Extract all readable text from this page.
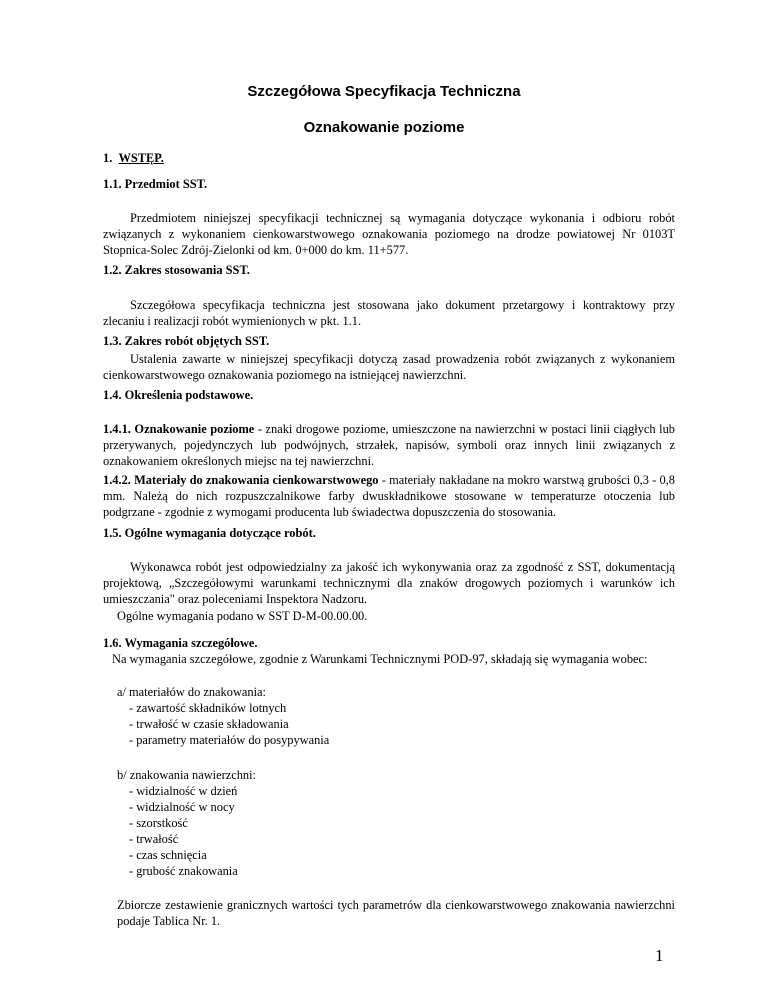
Szczegółowa Specyfikacja Techniczna
Oznakowanie poziome

1. WSTĘP.

1.1. Przedmiot SST.

Przedmiotem niniejszej specyfikacji technicznej są wymagania dotyczące wykonania i odbioru robót związanych z wykonaniem cienkowarstwowego oznakowania poziomego na drodze powiatowej Nr 0103T Stopnica-Solec Zdrój-Zielonki od km. 0+000 do km. 11+577.

1.2. Zakres stosowania SST.

Szczegółowa specyfikacja techniczna jest stosowana jako dokument przetargowy i kontraktowy przy zlecaniu i realizacji robót wymienionych w pkt. 1.1.

1.3. Zakres robót objętych SST.

Ustalenia zawarte w niniejszej specyfikacji dotyczą zasad prowadzenia robót związanych z wykonaniem cienkowarstwowego oznakowania poziomego na istniejącej nawierzchni.

1.4. Określenia podstawowe.

1.4.1. Oznakowanie poziome - znaki drogowe poziome, umieszczone na nawierzchni w postaci linii ciągłych lub przerywanych, pojedynczych lub podwójnych, strzałek, napisów, symboli oraz innych linii związanych z oznakowaniem określonych miejsc na tej nawierzchni.

1.4.2. Materiały do znakowania cienkowarstwowego - materiały nakładane na mokro warstwą grubości 0,3 - 0,8 mm. Należą do nich rozpuszczalnikowe farby dwuskładnikowe stosowane w temperaturze otoczenia lub podgrzane - zgodnie z wymogami producenta lub świadectwa dopuszczenia do stosowania.

1.5. Ogólne wymagania dotyczące robót.

Wykonawca robót jest odpowiedzialny za jakość ich wykonywania oraz za zgodność z SST, dokumentacją projektową, „Szczegółowymi warunkami technicznymi dla znaków drogowych poziomych i warunków ich umieszczania" oraz poleceniami Inspektora Nadzoru.

Ogólne wymagania podano w SST D-M-00.00.00.

1.6. Wymagania szczegółowe.

Na wymagania szczegółowe, zgodnie z Warunkami Technicznymi POD-97, składają się wymagania wobec:

a/ materiałów do znakowania:

- zawartość składników lotnych

- trwałość w czasie składowania

- parametry materiałów do posypywania

b/ znakowania nawierzchni:

- widzialność w dzień

- widzialność w nocy

- szorstkość

- trwałość

- czas schnięcia

- grubość znakowania

Zbiorcze zestawienie granicznych wartości tych parametrów dla cienkowarstwowego znakowania nawierzchni podaje Tablica Nr. 1.

1
